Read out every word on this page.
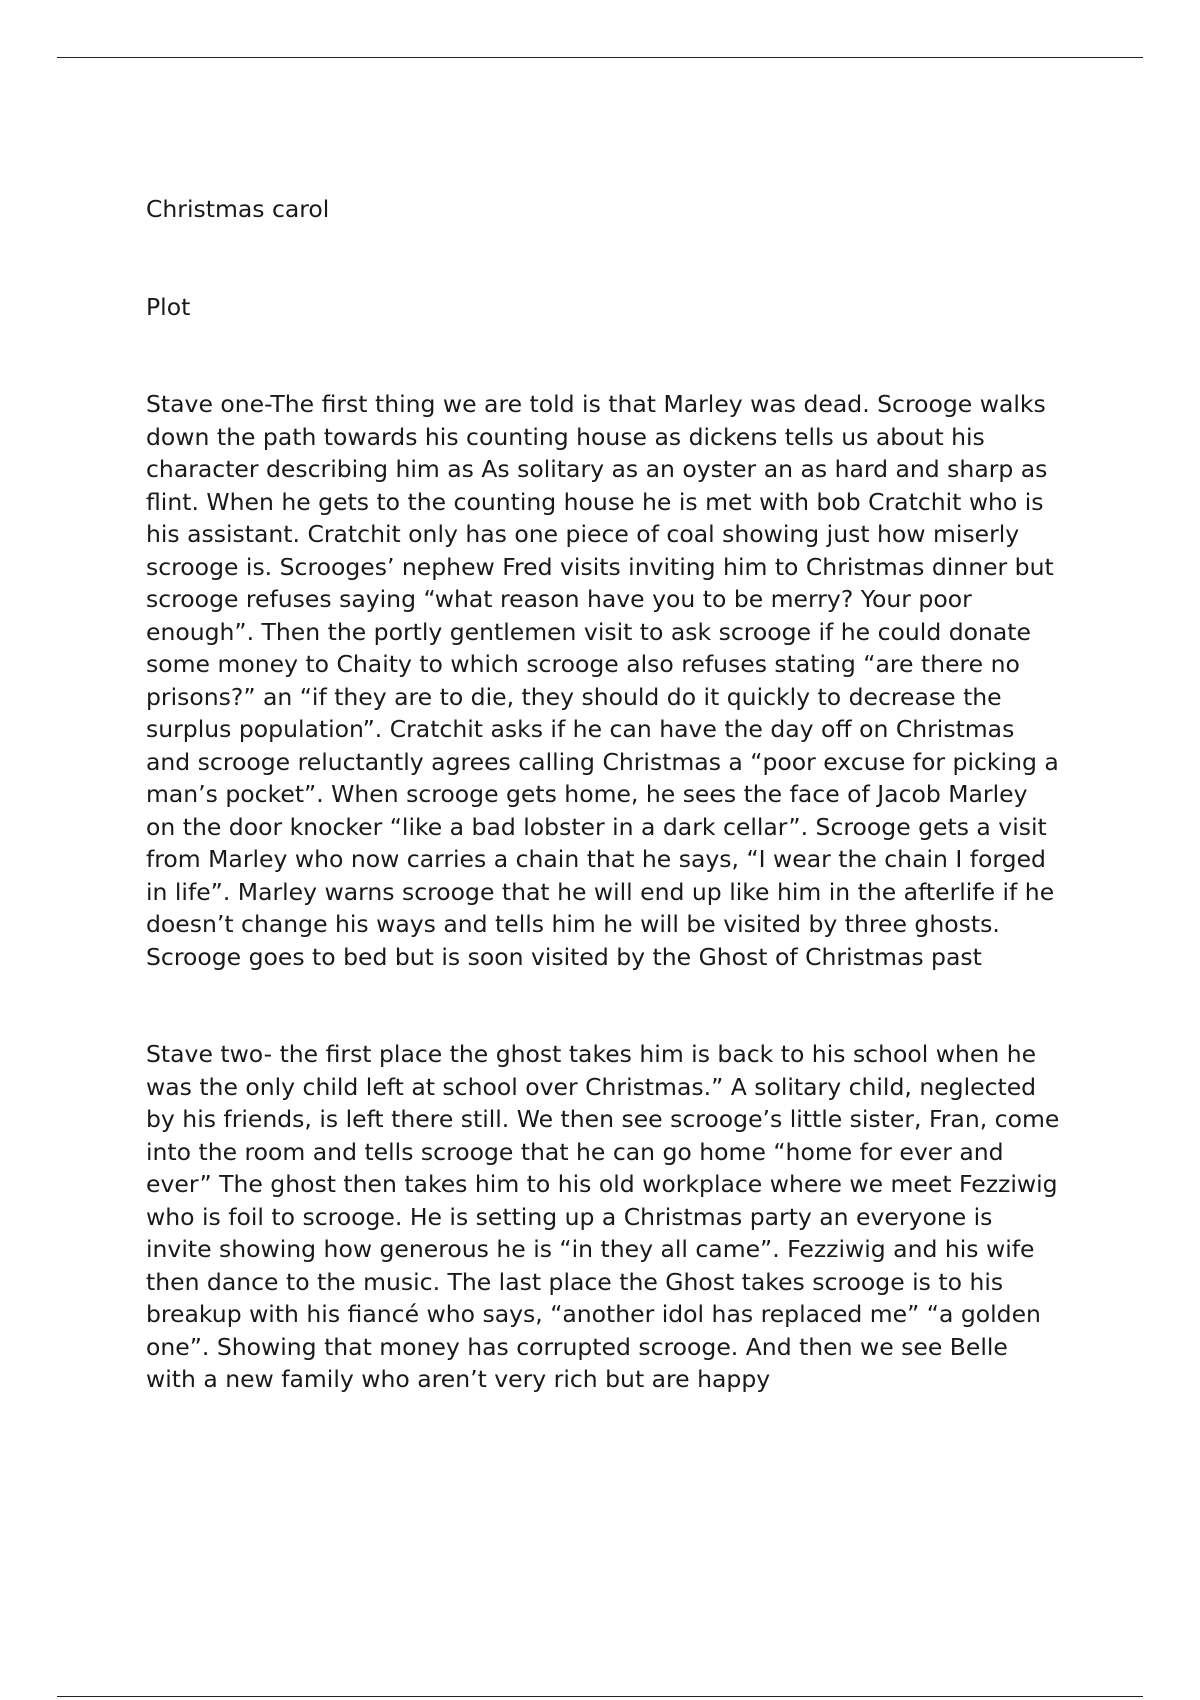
Christmas carol
Plot
Stave one-The first thing we are told is that Marley was dead. Scrooge walks
down the path towards his counting house as dickens tells us about his
character describing him as As solitary as an oyster an as hard and sharp as
flint. When he gets to the counting house he is met with bob Cratchit who is
his assistant. Cratchit only has one piece of coal showing just how miserly
scrooge is. Scrooges’ nephew Fred visits inviting him to Christmas dinner but
scrooge refuses saying “what reason have you to be merry? Your poor
enough”. Then the portly gentlemen visit to ask scrooge if he could donate
some money to Chaity to which scrooge also refuses stating “are there no
prisons?” an “if they are to die, they should do it quickly to decrease the
surplus population”. Cratchit asks if he can have the day off on Christmas
and scrooge reluctantly agrees calling Christmas a “poor excuse for picking a
man’s pocket”. When scrooge gets home, he sees the face of Jacob Marley
on the door knocker “like a bad lobster in a dark cellar”. Scrooge gets a visit
from Marley who now carries a chain that he says, “I wear the chain I forged
in life”. Marley warns scrooge that he will end up like him in the afterlife if he
doesn’t change his ways and tells him he will be visited by three ghosts.
Scrooge goes to bed but is soon visited by the Ghost of Christmas past
Stave two- the first place the ghost takes him is back to his school when he
was the only child left at school over Christmas.” A solitary child, neglected
by his friends, is left there still. We then see scrooge’s little sister, Fran, come
into the room and tells scrooge that he can go home “home for ever and
ever” The ghost then takes him to his old workplace where we meet Fezziwig
who is foil to scrooge. He is setting up a Christmas party an everyone is
invite showing how generous he is “in they all came”. Fezziwig and his wife
then dance to the music. The last place the Ghost takes scrooge is to his
breakup with his fiancé who says, “another idol has replaced me” “a golden
one”. Showing that money has corrupted scrooge. And then we see Belle
with a new family who aren’t very rich but are happy
